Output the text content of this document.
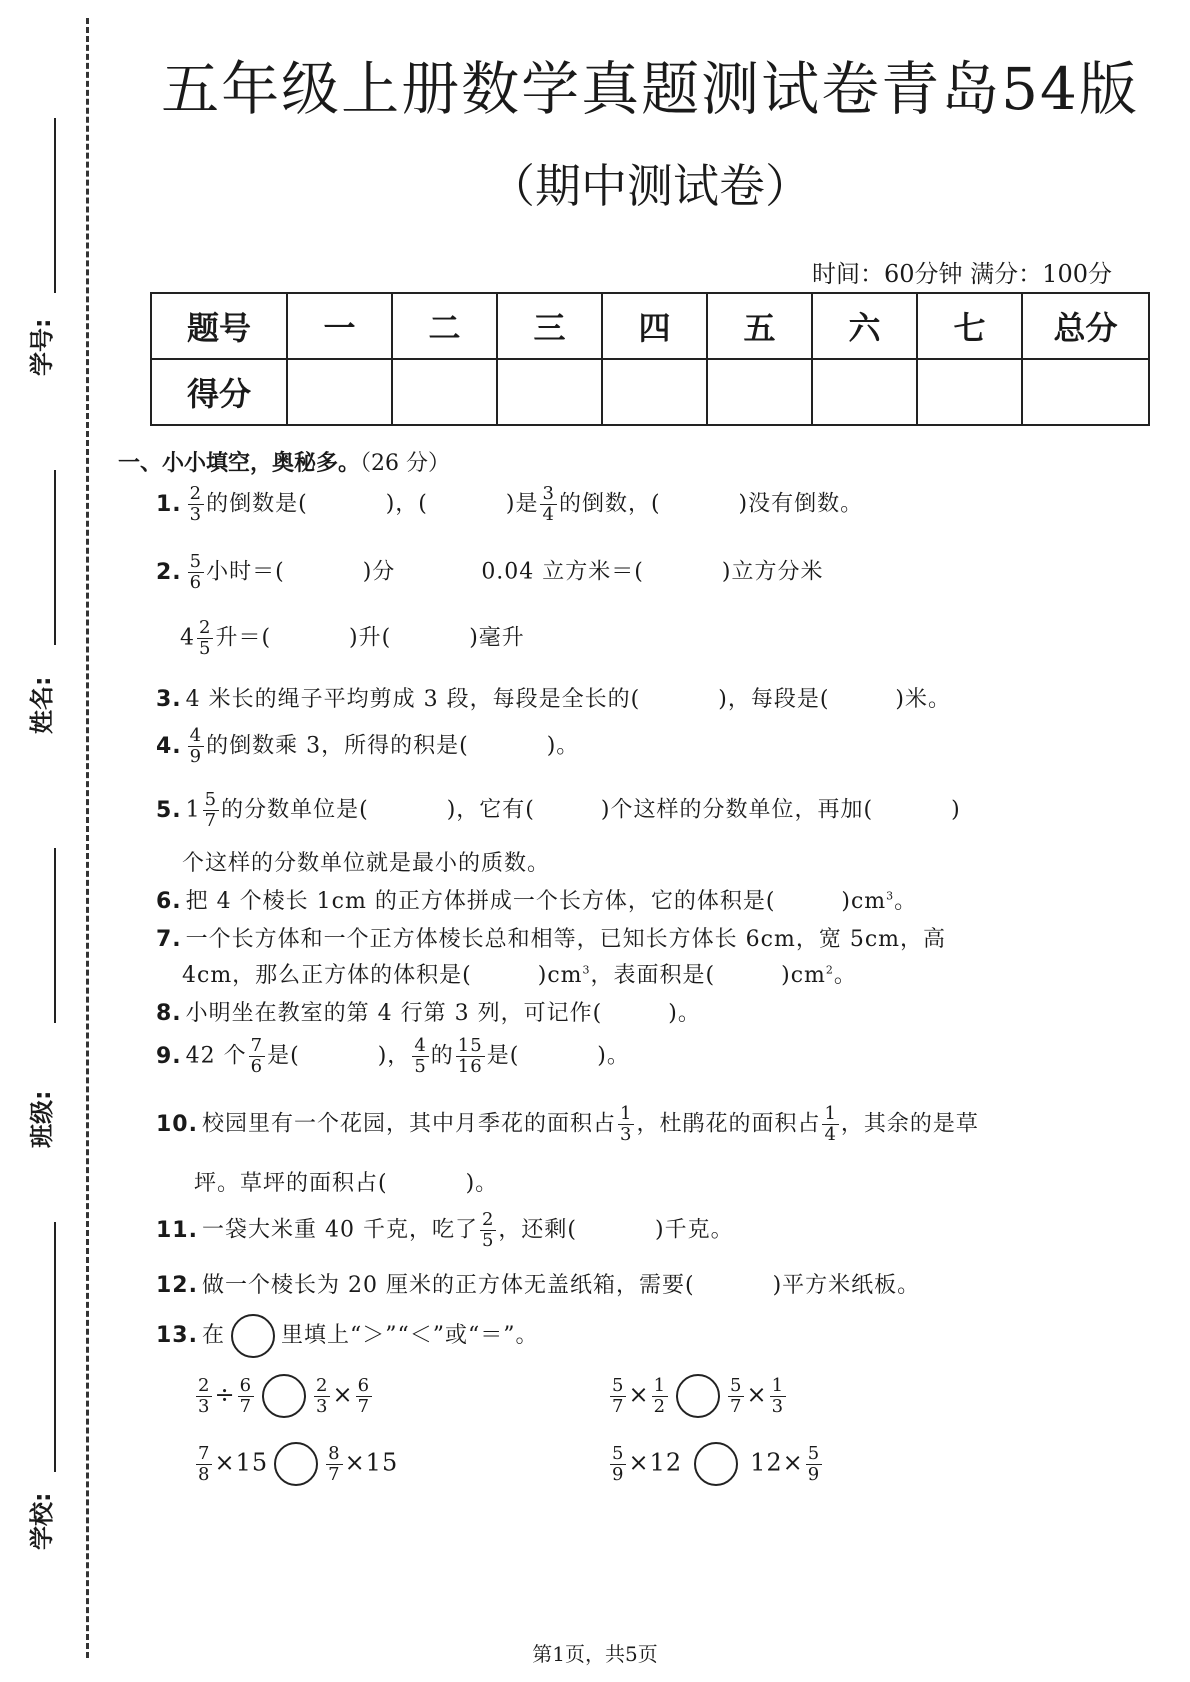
学号:
姓名:
班级:
学校:
五年级上册数学真题测试卷青岛54版
（期中测试卷）
时间：60分钟 满分：100分
题号	一	二	三	四	五	六	七	总分
得分								
一、小小填空，奥秘多。（26 分）
1. $\frac{2}{3}$ 的倒数是(	)，(	)是 $\frac{3}{4}$ 的倒数，(	)没有倒数。
2. $\frac{5}{6}$ 小时＝(	)分	0.04 立方米＝(	)立方分米
$4 \frac{2}{5}$ 升＝(	)升(	)毫升
3. 4 米长的绳子平均剪成 3 段，每段是全长的(	)，每段是(	)米。
4. $\frac{4}{9}$ 的倒数乘 3，所得的积是(	)。
5. $1 \frac{5}{7}$ 的分数单位是(	)，它有(	)个这样的分数单位，再加(	)
个这样的分数单位就是最小的质数。
6. 把 4 个棱长 1cm 的正方体拼成一个长方体，它的体积是(	)$cm^3$。
7. 一个长方体和一个正方体棱长总和相等，已知长方体长 6cm，宽 5cm，高
4cm，那么正方体的体积是(	)$cm^3$，表面积是(	)$cm^2$。
8. 小明坐在教室的第 4 行第 3 列，可记作(	)。
9. 42 个 $\frac{7}{6}$ 是(	)， $\frac{4}{5}$ 的 $\frac{15}{16}$ 是(	)。
10. 校园里有一个花园，其中月季花的面积占 $\frac{1}{3}$ ，杜鹃花的面积占 $\frac{1}{4}$ ，其余的是草
坪。草坪的面积占(	)。
11. 一袋大米重 40 千克，吃了 $\frac{2}{5}$ ，还剩(	)千克。
12. 做一个棱长为 20 厘米的正方体无盖纸箱，需要(	)平方米纸板。
13. 在	里填上“＞”“＜”或“＝”。
$\frac{2}{3} \div \frac{6}{7}$	$\frac{2}{3} \times \frac{6}{7}$	$\frac{5}{7} \times \frac{1}{2}$	$\frac{5}{7} \times \frac{1}{3}$
$\frac{7}{8} \times 15$	$\frac{8}{7} \times 15$	$\frac{5}{9} \times 12$	$12\times \frac{5}{9}$
第1页，共5页
